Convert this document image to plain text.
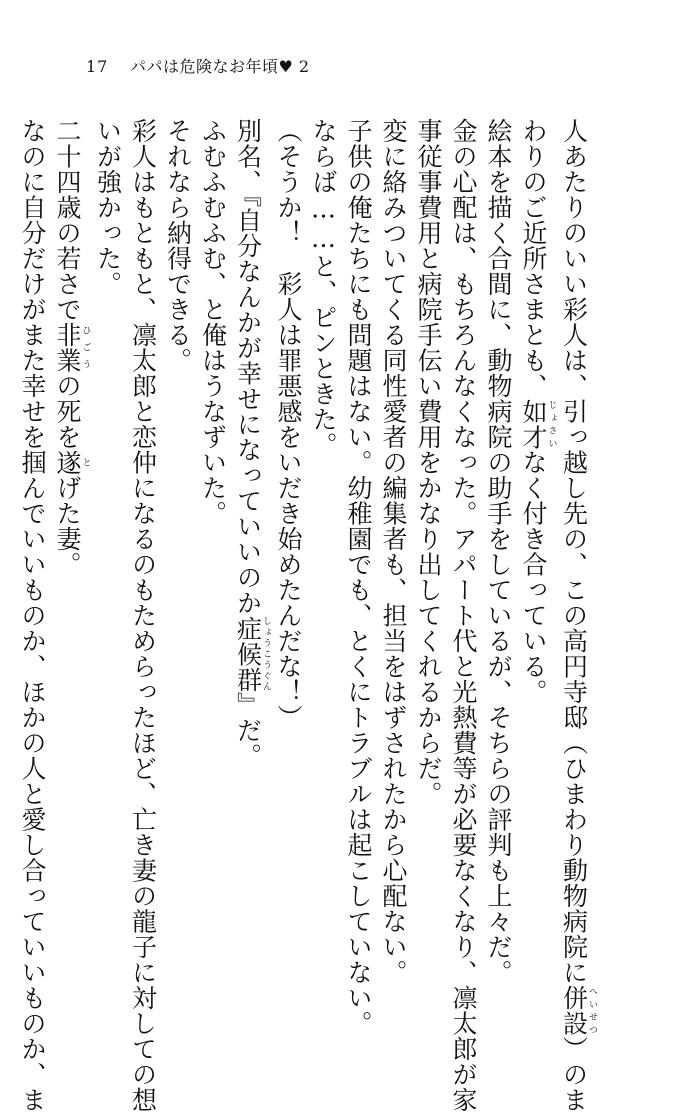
17 パパは危険なお年頃♥ 2
人あたりのいい彩人は、引っ越し先の、この高円寺邸（ひまわり動物病院に併設へいせつ）のま
わりのご近所さまとも、如才じょさいなく付き合っている。
絵本を描く合間に、動物病院の助手をしているが、そちらの評判も上々だ。
金の心配は、もちろんなくなった。アパート代と光熱費等が必要なくなり、凛太郎が家
事従事費用と病院手伝い費用をかなり出してくれるからだ。
変に絡みついてくる同性愛者の編集者も、担当をはずされたから心配ない。
子供の俺たちにも問題はない。幼稚園でも、とくにトラブルは起こしていない。
ならば……と、ピンときた。
（そうか！　彩人は罪悪感をいだき始めたんだな！）
別名、『自分なんかが幸せになっていいのか症候群しょうこうぐん』だ。
ふむふむふむ、と俺はうなずいた。
それなら納得できる。
彩人はもともと、凛太郎と恋仲になるのもためらったほど、亡き妻の龍子に対しての想
いが強かった。
二十四歳の若さで非業ひごうの死を遂とげた妻。
なのに自分だけがまた幸せを掴んでいいものか、ほかの人と愛し合っていいものか、ま
